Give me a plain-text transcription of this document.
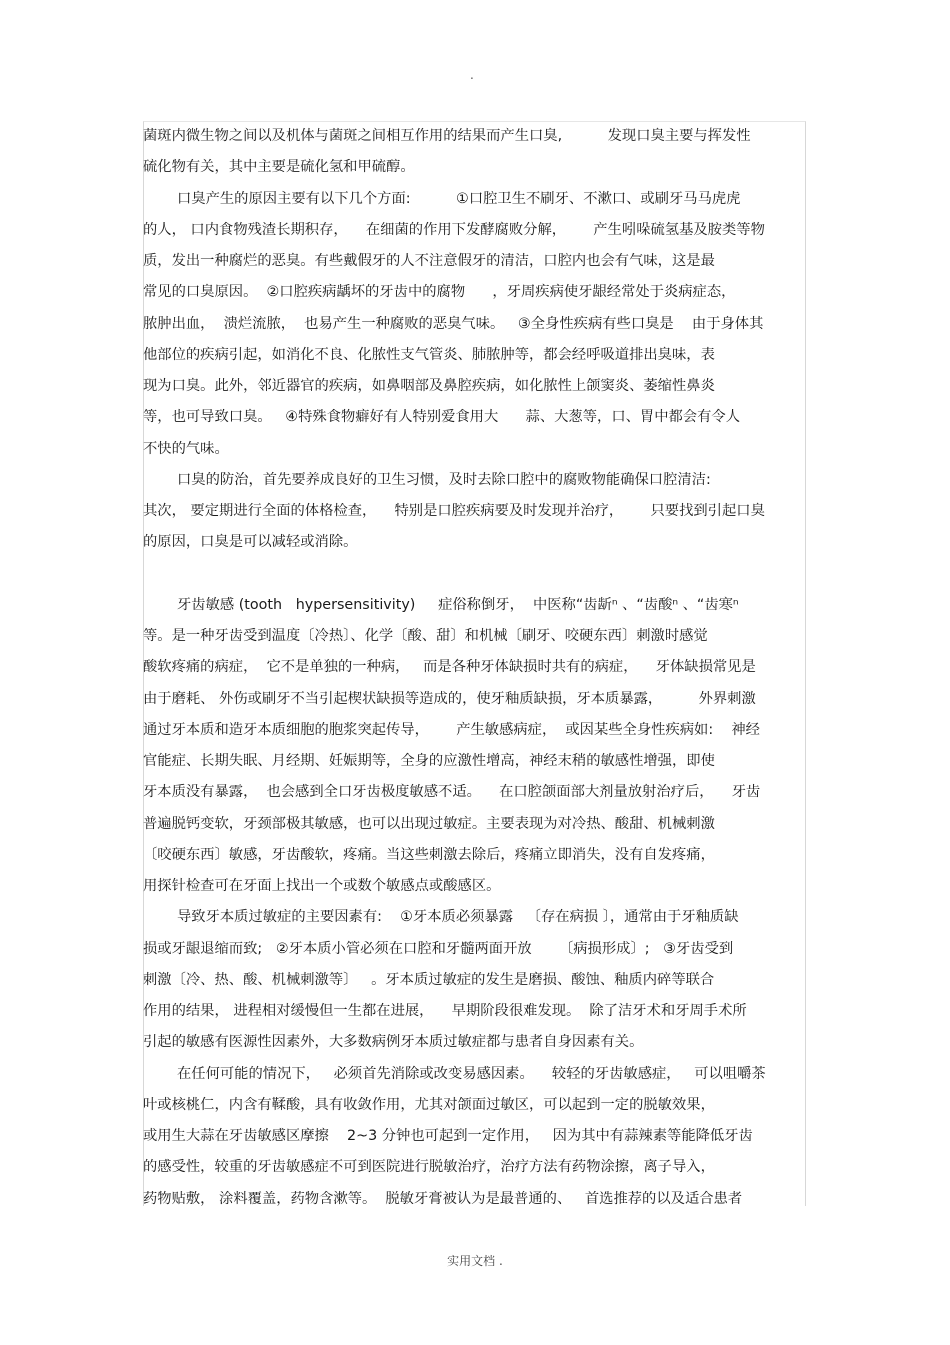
.
菌斑内微生物之间以及机体与菌斑之间相互作用的结果而产生口臭,          发现口臭主要与挥发性
硫化物有关，其中主要是硫化氢和甲硫醇。
口臭产生的原因主要有以下几个方面:          ①口腔卫生不刷牙、不漱口、或刷牙马马虎虎
的人， 口内食物残渣长期积存，    在细菌的作用下发酵腐败分解，      产生吲哚硫氢基及胺类等物
质，发出一种腐烂的恶臭。有些戴假牙的人不注意假牙的清洁，口腔内也会有气味，这是最
常见的口臭原因。  ②口腔疾病龋坏的牙齿中的腐物      ，牙周疾病使牙龈经常处于炎病症态，
脓肿出血，  溃烂流脓，  也易产生一种腐败的恶臭气味。   ③全身性疾病有些口臭是    由于身体其
他部位的疾病引起，如消化不良、化脓性支气管炎、肺脓肿等，都会经呼吸道排出臭味，表
现为口臭。此外，邻近器官的疾病，如鼻咽部及鼻腔疾病，如化脓性上颌窦炎、萎缩性鼻炎
等，也可导致口臭。   ④特殊食物癖好有人特别爱食用大      蒜、大葱等，口、胃中都会有令人
不快的气味。
口臭的防治，首先要养成良好的卫生习惯，及时去除口腔中的腐败物能确保口腔清洁:
其次， 要定期进行全面的体格检查，    特别是口腔疾病要及时发现并治疗，      只要找到引起口臭
的原因，口臭是可以减轻或消除。
牙齿敏感 (tooth   hypersensitivity)     症俗称倒牙，  中医称“齿龂ⁿ 、“齿酸ⁿ 、“齿寒ⁿ
等。是一种牙齿受到温度〔冷热〕、化学〔酸、甜〕和机械〔刷牙、咬硬东西〕刺激时感觉
酸软疼痛的病症，  它不是单独的一种病，   而是各种牙体缺损时共有的病症，    牙体缺损常见是
由于磨耗、 外伤或刷牙不当引起楔状缺损等造成的，使牙釉质缺损，牙本质暴露，        外界刺激
通过牙本质和造牙本质细胞的胞浆突起传导，      产生敏感病症，  或因某些全身性疾病如:    神经
官能症、长期失眠、月经期、妊娠期等，全身的应激性增高，神经末稍的敏感性增强，即使
牙本质没有暴露，  也会感到全口牙齿极度敏感不适。    在口腔颌面部大剂量放射治疗后，    牙齿
普遍脱钙变软，牙颈部极其敏感，也可以出现过敏症。主要表现为对冷热、酸甜、机械刺激
〔咬硬东西〕敏感，牙齿酸软，疼痛。当这些刺激去除后，疼痛立即消失，没有自发疼痛，
用探针检查可在牙面上找出一个或数个敏感点或酸感区。
导致牙本质过敏症的主要因素有:    ①牙本质必须暴露   〔存在病损 〕，通常由于牙釉质缺
损或牙龈退缩而致;   ②牙本质小管必须在口腔和牙髓两面开放      〔病损形成〕;   ③牙齿受到
刺激〔冷、热、酸、机械刺激等〕   。牙本质过敏症的发生是磨损、酸蚀、釉质内碎等联合
作用的结果， 进程相对缓慢但一生都在进展，    早期阶段很难发现。  除了洁牙术和牙周手术所
引起的敏感有医源性因素外，大多数病例牙本质过敏症都与患者自身因素有关。
在任何可能的情况下，   必须首先消除或改变易感因素。    较轻的牙齿敏感症，   可以咀嚼茶
叶或核桃仁，内含有鞣酸，具有收敛作用，尤其对颌面过敏区，可以起到一定的脱敏效果，
或用生大蒜在牙齿敏感区摩擦    2~3 分钟也可起到一定作用，   因为其中有蒜辣素等能降低牙齿
的感受性，较重的牙齿敏感症不可到医院进行脱敏治疗，治疗方法有药物涂擦，离子导入，
药物贴敷， 涂料覆盖，药物含漱等。  脱敏牙膏被认为是最普通的、   首选推荐的以及适合患者
实用文档 .
